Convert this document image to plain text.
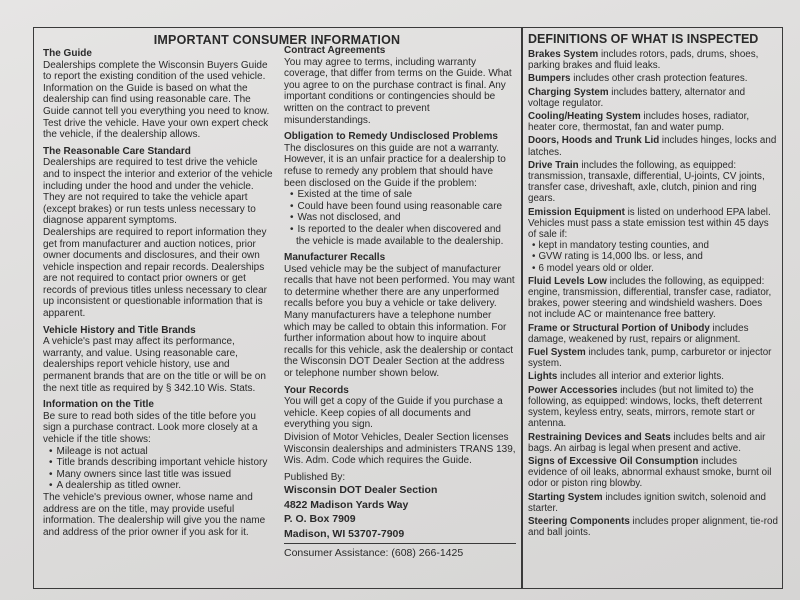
IMPORTANT CONSUMER INFORMATION
The Guide
Dealerships complete the Wisconsin Buyers Guide to report the existing condition of the used vehicle. Information on the Guide is based on what the dealership can find using reasonable care. The Guide cannot tell you everything you need to know. Test drive the vehicle. Have your own expert check the vehicle, if the dealership allows.
The Reasonable Care Standard
Dealerships are required to test drive the vehicle and to inspect the interior and exterior of the vehicle including under the hood and under the vehicle. They are not required to take the vehicle apart (except brakes) or run tests unless necessary to diagnose apparent symptoms.
Dealerships are required to report information they get from manufacturer and auction notices, prior owner documents and disclosures, and their own vehicle inspection and repair records. Dealerships are not required to contact prior owners or get records of previous titles unless necessary to clear up inconsistent or questionable information that is apparent.
Vehicle History and Title Brands
A vehicle's past may affect its performance, warranty, and value. Using reasonable care, dealerships report vehicle history, use and permanent brands that are on the title or will be on the next title as required by § 342.10 Wis. Stats.
Information on the Title
Be sure to read both sides of the title before you sign a purchase contract. Look more closely at a vehicle if the title shows:
• Mileage is not actual
• Title brands describing important vehicle history
• Many owners since last title was issued
• A dealership as titled owner.
The vehicle's previous owner, whose name and address are on the title, may provide useful information. The dealership will give you the name and address of the prior owner if you ask for it.
Contract Agreements
You may agree to terms, including warranty coverage, that differ from terms on the Guide. What you agree to on the purchase contract is final. Any important conditions or contingencies should be written on the contract to prevent misunderstandings.
Obligation to Remedy Undisclosed Problems
The disclosures on this guide are not a warranty. However, it is an unfair practice for a dealership to refuse to remedy any problem that should have been disclosed on the Guide if the problem:
• Existed at the time of sale
• Could have been found using reasonable care
• Was not disclosed, and
• Is reported to the dealer when discovered and the vehicle is made available to the dealership.
Manufacturer Recalls
Used vehicle may be the subject of manufacturer recalls that have not been performed. You may want to determine whether there are any unperformed recalls before you buy a vehicle or take delivery. Many manufacturers have a telephone number which may be called to obtain this information. For further information about how to inquire about recalls for this vehicle, ask the dealership or contact the Wisconsin DOT Dealer Section at the address or telephone number shown below.
Your Records
You will get a copy of the Guide if you purchase a vehicle. Keep copies of all documents and everything you sign.
Division of Motor Vehicles, Dealer Section licenses Wisconsin dealerships and administers TRANS 139, Wis. Adm. Code which requires the Guide.
Published By:
Wisconsin DOT Dealer Section
4822 Madison Yards Way
P. O. Box 7909
Madison, WI 53707-7909
Consumer Assistance: (608) 266-1425
DEFINITIONS OF WHAT IS INSPECTED
Brakes System includes rotors, pads, drums, shoes, parking brakes and fluid leaks.
Bumpers includes other crash protection features.
Charging System includes battery, alternator and voltage regulator.
Cooling/Heating System includes hoses, radiator, heater core, thermostat, fan and water pump.
Doors, Hoods and Trunk Lid includes hinges, locks and latches.
Drive Train includes the following, as equipped: transmission, transaxle, differential, U-joints, CV joints, transfer case, driveshaft, axle, clutch, pinion and ring gears.
Emission Equipment is listed on underhood EPA label. Vehicles must pass a state emission test within 45 days of sale if:
• kept in mandatory testing counties, and
• GVW rating is 14,000 lbs. or less, and
• 6 model years old or older.
Fluid Levels Low includes the following, as equipped: engine, transmission, differential, transfer case, radiator, brakes, power steering and windshield washers. Does not include AC or maintenance free battery.
Frame or Structural Portion of Unibody includes damage, weakened by rust, repairs or alignment.
Fuel System includes tank, pump, carburetor or injector system.
Lights includes all interior and exterior lights.
Power Accessories includes (but not limited to) the following, as equipped: windows, locks, theft deterrent system, keyless entry, seats, mirrors, remote start or antenna.
Restraining Devices and Seats includes belts and air bags. An airbag is legal when present and active.
Signs of Excessive Oil Consumption includes evidence of oil leaks, abnormal exhaust smoke, burnt oil odor or piston ring blowby.
Starting System includes ignition switch, solenoid and starter.
Steering Components includes proper alignment, tie-rod and ball joints.
